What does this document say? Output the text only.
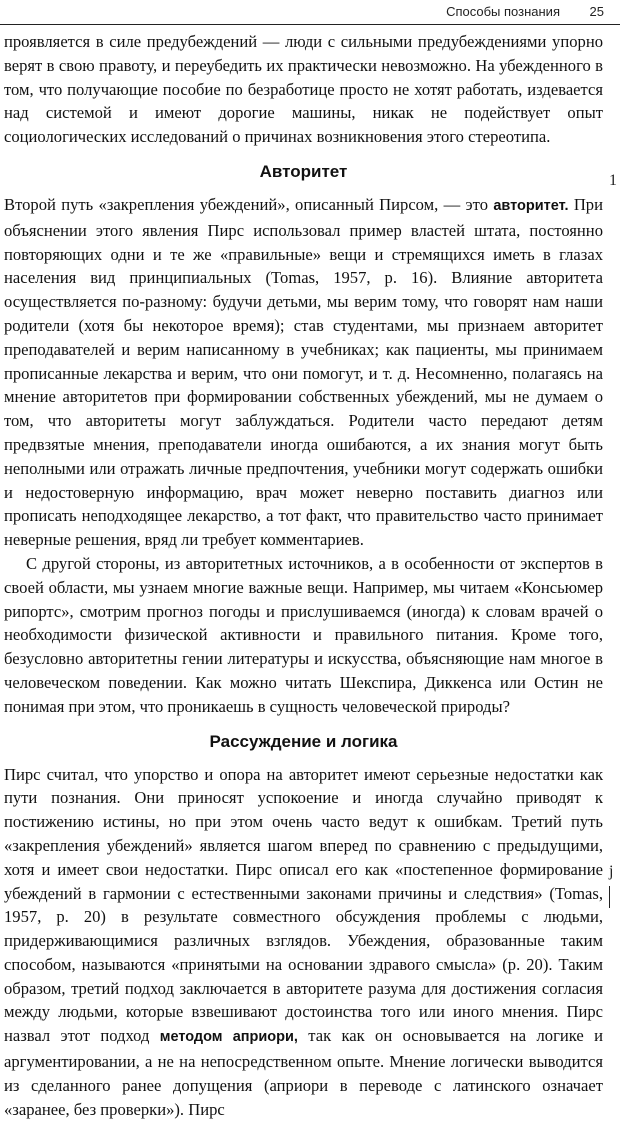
Способы познания 25

проявляется в силе предубеждений — люди с сильными предубеждениями упорно верят в свою правоту, и переубедить их практически невозможно. На убежденного в том, что получающие пособие по безработице просто не хотят работать, издевается над системой и имеют дорогие машины, никак не подействует опыт социологических исследований о причинах возникновения этого стереотипа.

Авторитет

Второй путь «закрепления убеждений», описанный Пирсом, — это авторитет. При объяснении этого явления Пирс использовал пример властей штата, постоянно повторяющих одни и те же «правильные» вещи и стремящихся иметь в глазах населения вид принципиальных (Tomas, 1957, p. 16). Влияние авторитета осуществляется по-разному: будучи детьми, мы верим тому, что говорят нам наши родители (хотя бы некоторое время); став студентами, мы признаем авторитет преподавателей и верим написанному в учебниках; как пациенты, мы принимаем прописанные лекарства и верим, что они помогут, и т. д. Несомненно, полагаясь на мнение авторитетов при формировании собственных убеждений, мы не думаем о том, что авторитеты могут заблуждаться. Родители часто передают детям предвзятые мнения, преподаватели иногда ошибаются, а их знания могут быть неполными или отражать личные предпочтения, учебники могут содержать ошибки и недостоверную информацию, врач может неверно поставить диагноз или прописать неподходящее лекарство, а тот факт, что правительство часто принимает неверные решения, вряд ли требует комментариев.

С другой стороны, из авторитетных источников, а в особенности от экспертов в своей области, мы узнаем многие важные вещи. Например, мы читаем «Консьюмер рипортс», смотрим прогноз погоды и прислушиваемся (иногда) к словам врачей о необходимости физической активности и правильного питания. Кроме того, безусловно авторитетны гении литературы и искусства, объясняющие нам многое в человеческом поведении. Как можно читать Шекспира, Диккенса или Остин не понимая при этом, что проникаешь в сущность человеческой природы?

Рассуждение и логика

Пирс считал, что упорство и опора на авторитет имеют серьезные недостатки как пути познания. Они приносят успокоение и иногда случайно приводят к постижению истины, но при этом очень часто ведут к ошибкам. Третий путь «закрепления убеждений» является шагом вперед по сравнению с предыдущими, хотя и имеет свои недостатки. Пирс описал его как «постепенное формирование убеждений в гармонии с естественными законами причины и следствия» (Tomas, 1957, p. 20) в результате совместного обсуждения проблемы с людьми, придерживающимися различных взглядов. Убеждения, образованные таким способом, называются «принятыми на основании здравого смысла» (p. 20). Таким образом, третий подход заключается в авторитете разума для достижения согласия между людьми, которые взвешивают достоинства того или иного мнения. Пирс назвал этот подход методом априори, так как он основывается на логике и аргументировании, а не на непосредственном опыте. Мнение логически выводится из сделанного ранее допущения (априори в переводе с латинского означает «заранее, без проверки»). Пирс

1
j
